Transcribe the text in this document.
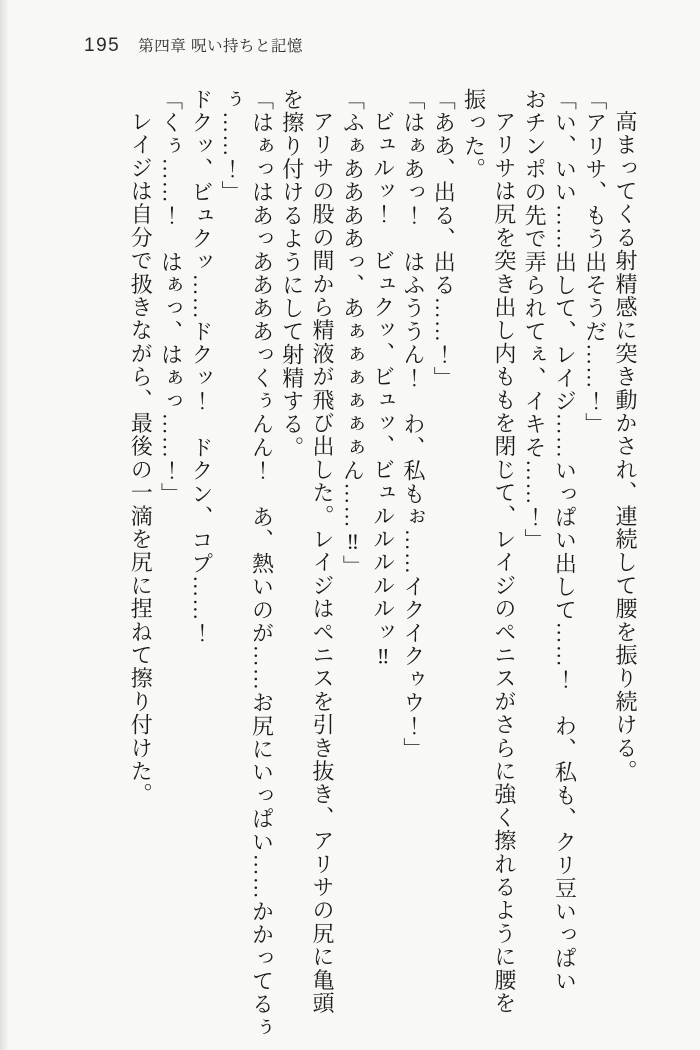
195 第四章 呪い持ちと記憶

高まってくる射精感に突き動かされ、連続して腰を振り続ける。

「アリサ、もう出そうだ……！」

「い、いい……出して、レイジ……いっぱい出して……！　わ、私も、クリ豆いっぱい

おチンポの先で弄られてぇ、イキそ……！」

アリサは尻を突き出し内ももを閉じて、レイジのペニスがさらに強く擦れるように腰を

振った。

「ああ、出る、出る……！」

「はぁあっ！　はふううん！　わ、私もぉ……イクイクゥウ！」

ビュルッ！　ビュクッ、ビュッ、ビュルルルルルッ‼

「ふぁああああっ、あぁぁぁぁぁぁん……‼」

アリサの股の間から精液が飛び出した。レイジはペニスを引き抜き、アリサの尻に亀頭

を擦り付けるようにして射精する。

「はぁっはあっああああっくぅんん！　あ、熱いのが……お尻にいっぱい……かかってるぅ

ぅ……！」

ドクッ、ビュクッ……ドクッ！　ドクン、コプ……！

「くぅ……！　はぁっ、はぁっ……！」

レイジは自分で扱きながら、最後の一滴を尻に捏ねて擦り付けた。
